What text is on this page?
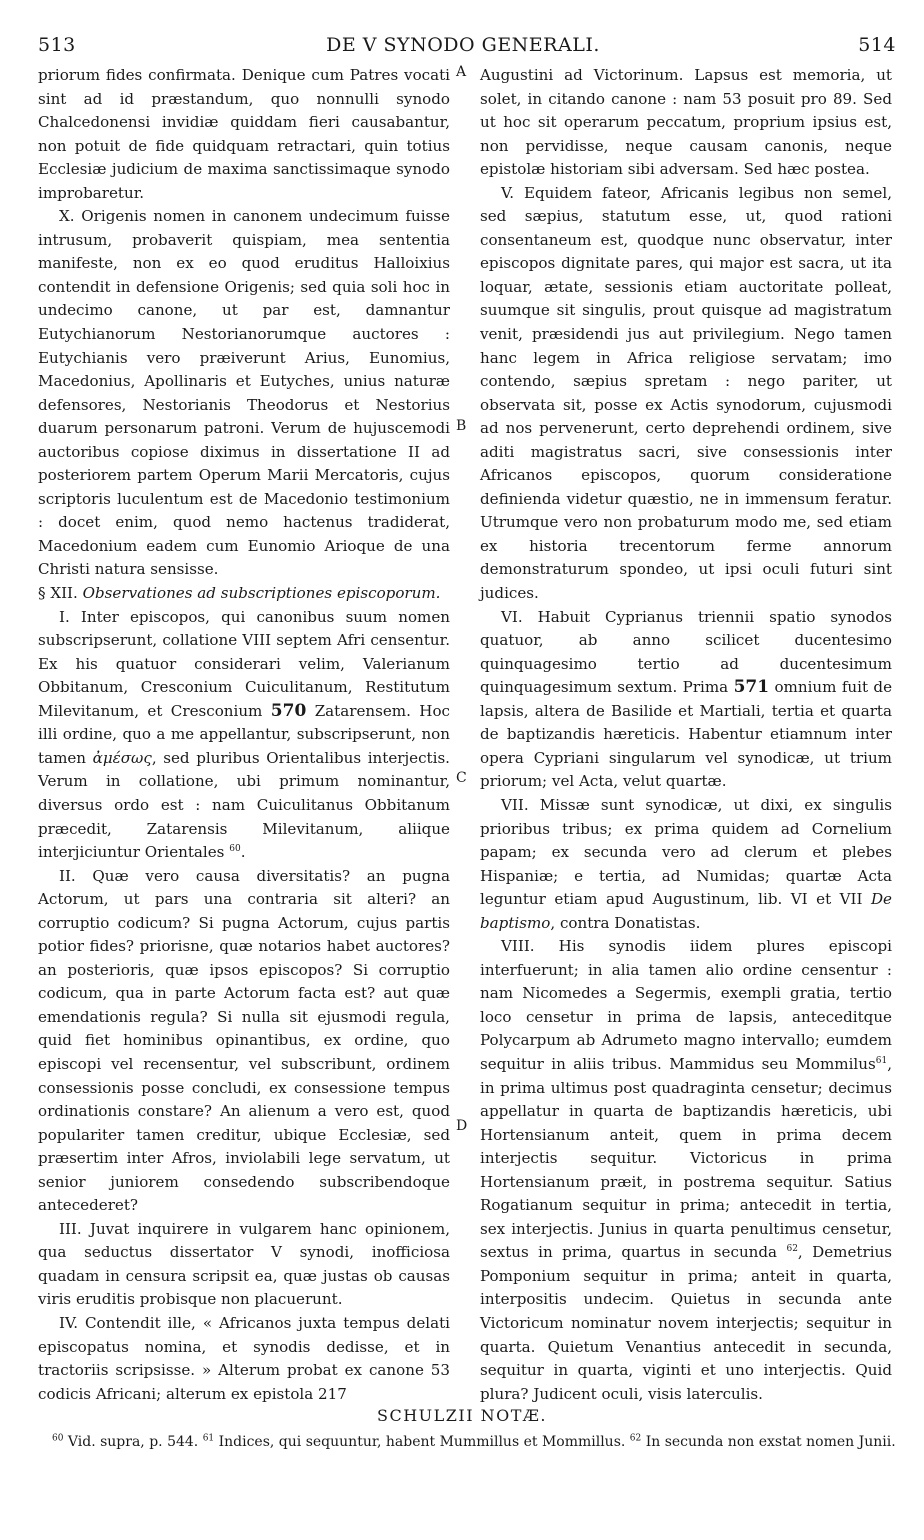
513	DE V SYNODO GENERALI.	514
A
B
C
D

priorum fides confirmata. Denique cum Patres vocati sint ad id præstandum, quo nonnulli synodo Chalcedonensi invidiæ quiddam fieri causabantur, non potuit de fide quidquam retractari, quin totius Ecclesiæ judicium de maxima sanctissimaque synodo improbaretur.

X. Origenis nomen in canonem undecimum fuisse intrusum, probaverit quispiam, mea sententia manifeste, non ex eo quod eruditus Halloixius contendit in defensione Origenis; sed quia soli hoc in undecimo canone, ut par est, damnantur Eutychianorum Nestorianorumque auctores : Eutychianis vero præiverunt Arius, Eunomius, Macedonius, Apollinaris et Eutyches, unius naturæ defensores, Nestorianis Theodorus et Nestorius duarum personarum patroni. Verum de hujuscemodi auctoribus copiose diximus in dissertatione II ad posteriorem partem Operum Marii Mercatoris, cujus scriptoris luculentum est de Macedonio testimonium : docet enim, quod nemo hactenus tradiderat, Macedonium eadem cum Eunomio Arioque de una Christi natura sensisse.

§ XII. Observationes ad subscriptiones episcoporum.

I. Inter episcopos, qui canonibus suum nomen subscripserunt, collatione VIII septem Afri censentur. Ex his quatuor considerari velim, Valerianum Obbitanum, Cresconium Cuiculitanum, Restitutum Milevitanum, et Cresconium 570 Zatarensem. Hoc illi ordine, quo a me appellantur, subscripserunt, non tamen ἀμέσως, sed pluribus Orientalibus interjectis. Verum in collatione, ubi primum nominantur, diversus ordo est : nam Cuiculitanus Obbitanum præcedit, Zatarensis Milevitanum, aliique interjiciuntur Orientales $^{60}$.

II. Quæ vero causa diversitatis? an pugna Actorum, ut pars una contraria sit alteri? an corruptio codicum? Si pugna Actorum, cujus partis potior fides? priorisne, quæ notarios habet auctores? an posterioris, quæ ipsos episcopos? Si corruptio codicum, qua in parte Actorum facta est? aut quæ emendationis regula? Si nulla sit ejusmodi regula, quid fiet hominibus opinantibus, ex ordine, quo episcopi vel recensentur, vel subscribunt, ordinem consessionis posse concludi, ex consessione tempus ordinationis constare? An alienum a vero est, quod populariter tamen creditur, ubique Ecclesiæ, sed præsertim inter Afros, inviolabili lege servatum, ut senior juniorem consedendo subscribendoque antecederet?

III. Juvat inquirere in vulgarem hanc opinionem, qua seductus dissertator V synodi, inofficiosa quadam in censura scripsit ea, quæ justas ob causas viris eruditis probisque non placuerunt.

IV. Contendit ille, « Africanos juxta tempus delati episcopatus nomina, et synodis dedisse, et in tractoriis scripsisse. » Alterum probat ex canone 53 codicis Africani; alterum ex epistola 217

Augustini ad Victorinum. Lapsus est memoria, ut solet, in citando canone : nam 53 posuit pro 89. Sed ut hoc sit operarum peccatum, proprium ipsius est, non pervidisse, neque causam canonis, neque epistolæ historiam sibi adversam. Sed hæc postea.

V. Equidem fateor, Africanis legibus non semel, sed sæpius, statutum esse, ut, quod rationi consentaneum est, quodque nunc observatur, inter episcopos dignitate pares, qui major est sacra, ut ita loquar, ætate, sessionis etiam auctoritate polleat, suumque sit singulis, prout quisque ad magistratum venit, præsidendi jus aut privilegium. Nego tamen hanc legem in Africa religiose servatam; imo contendo, sæpius spretam : nego pariter, ut observata sit, posse ex Actis synodorum, cujusmodi ad nos pervenerunt, certo deprehendi ordinem, sive aditi magistratus sacri, sive consessionis inter Africanos episcopos, quorum consideratione definienda videtur quæstio, ne in immensum feratur. Utrumque vero non probaturum modo me, sed etiam ex historia trecentorum ferme annorum demonstraturum spondeo, ut ipsi oculi futuri sint judices.

VI. Habuit Cyprianus triennii spatio synodos quatuor, ab anno scilicet ducentesimo quinquagesimo tertio ad ducentesimum quinquagesimum sextum. Prima 571 omnium fuit de lapsis, altera de Basilide et Martiali, tertia et quarta de baptizandis hæreticis. Habentur etiamnum inter opera Cypriani singularum vel synodicæ, ut trium priorum; vel Acta, velut quartæ.

VII. Missæ sunt synodicæ, ut dixi, ex singulis prioribus tribus; ex prima quidem ad Cornelium papam; ex secunda vero ad clerum et plebes Hispaniæ; e tertia, ad Numidas; quartæ Acta leguntur etiam apud Augustinum, lib. VI et VII De baptismo, contra Donatistas.

VIII. His synodis iidem plures episcopi interfuerunt; in alia tamen alio ordine censentur : nam Nicomedes a Segermis, exempli gratia, tertio loco censetur in prima de lapsis, anteceditque Polycarpum ab Adrumeto magno intervallo; eumdem sequitur in aliis tribus. Mammidus seu Mommilus$^{61}$, in prima ultimus post quadraginta censetur; decimus appellatur in quarta de baptizandis hæreticis, ubi Hortensianum anteit, quem in prima decem interjectis sequitur. Victoricus in prima Hortensianum præit, in postrema sequitur. Satius Rogatianum sequitur in prima; antecedit in tertia, sex interjectis. Junius in quarta penultimus censetur, sextus in prima, quartus in secunda $^{62}$, Demetrius Pomponium sequitur in prima; anteit in quarta, interpositis undecim. Quietus in secunda ante Victoricum nominatur novem interjectis; sequitur in quarta. Quietum Venantius antecedit in secunda, sequitur in quarta, viginti et uno interjectis. Quid plura? Judicent oculi, visis laterculis.

SCHULZII NOTÆ.

$^{60}$ Vid. supra, p. 544. $^{61}$ Indices, qui sequuntur, habent Mummillus et Mommillus. $^{62}$ In secunda non exstat nomen Junii.
